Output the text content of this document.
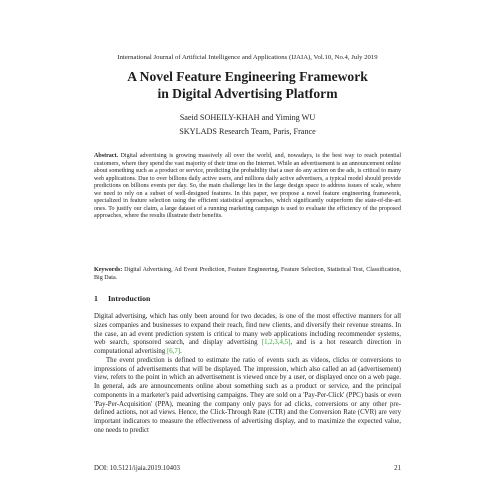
International Journal of Artificial Intelligence and Applications (IJAIA), Vol.10, No.4, July 2019
A Novel Feature Engineering Framework
in Digital Advertising Platform
Saeid SOHEILY-KHAH and Yiming WU
SKYLADS Research Team, Paris, France

Abstract. Digital advertising is growing massively all over the world, and, nowadays, is the best way to reach potential customers, where they spend the vast majority of their time on the Internet. While an advertisement is an announcement online about something such as a product or service, predicting the probability that a user do any action on the ads, is critical to many web applications. Due to over billions daily active users, and millions daily active advertisers, a typical model should provide predictions on billions events per day. So, the main challenge lies in the large design space to address issues of scale, where we need to rely on a subset of well-designed features. In this paper, we propose a novel feature engineering framework, specialized in feature selection using the efficient statistical approaches, which significantly outperform the state-of-the-art ones. To justify our claim, a large dataset of a running marketing campaign is used to evaluate the efficiency of the proposed approaches, where the results illustrate their benefits.

Keywords: Digital Advertising, Ad Event Prediction, Feature Engineering, Feature Selection, Statistical Test, Classification, Big Data.

1 Introduction

Digital advertising, which has only been around for two decades, is one of the most effective manners for all sizes companies and businesses to expand their reach, find new clients, and diversify their revenue streams. In the case, an ad event prediction system is critical to many web applications including recommender systems, web search, sponsored search, and display advertising [1,2,3,4,5], and is a hot research direction in computational advertising [6,7].

The event prediction is defined to estimate the ratio of events such as videos, clicks or conversions to impressions of advertisements that will be displayed. The impression, which also called an ad (advertisement) view, refers to the point in which an advertisement is viewed once by a user, or displayed once on a web page. In general, ads are announcements online about something such as a product or service, and the principal components in a marketer's paid advertising campaigns. They are sold on a 'Pay-Per-Click' (PPC) basis or even 'Pay-Per-Acquisition' (PPA), meaning the company only pays for ad clicks, conversions or any other pre-defined actions, not ad views. Hence, the Click-Through Rate (CTR) and the Conversion Rate (CVR) are very important indicators to measure the effectiveness of advertising display, and to maximize the expected value, one needs to predict

DOI: 10.5121/ijaia.2019.10403	21
